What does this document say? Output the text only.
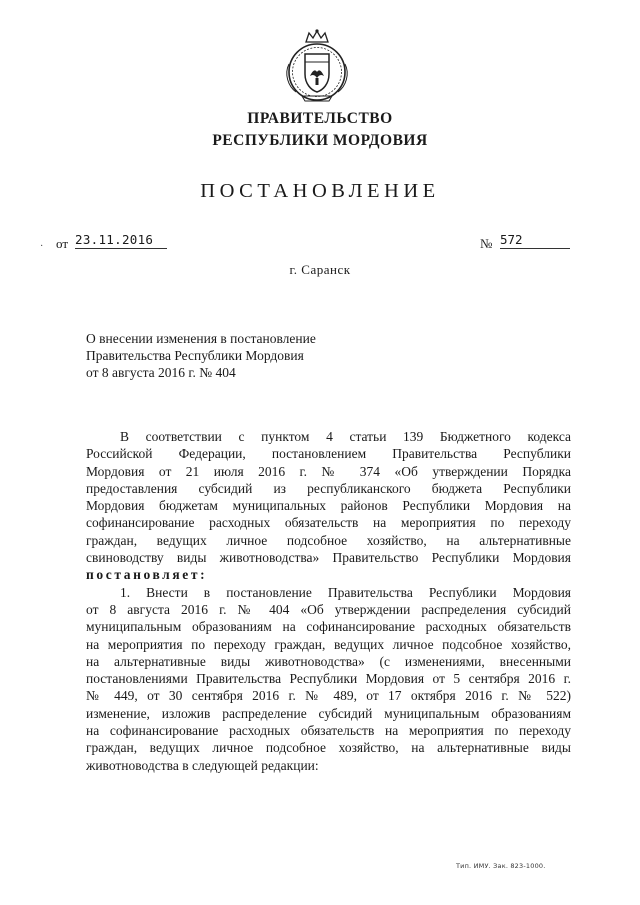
ПРАВИТЕЛЬСТВО
РЕСПУБЛИКИ МОРДОВИЯ
ПОСТАНОВЛЕНИЕ
· от 23.11.2016	№ 572
г. Саранск
О внесении изменения в постановление
Правительства Республики Мордовия
от 8 августа 2016 г. № 404
В соответствии с пунктом 4 статьи 139 Бюджетного кодекса
Российской Федерации, постановлением Правительства Республики
Мордовия от 21 июля 2016 г. № 374 «Об утверждении Порядка
предоставления субсидий из республиканского бюджета Республики
Мордовия бюджетам муниципальных районов Республики Мордовия на
софинансирование расходных обязательств на мероприятия по переходу
граждан, ведущих личное подсобное хозяйство, на альтернативные
свиноводству виды животноводства» Правительство Республики Мордовия
постановляет:
1. Внести в постановление Правительства Республики Мордовия
от 8 августа 2016 г. № 404 «Об утверждении распределения субсидий
муниципальным образованиям на софинансирование расходных обязательств
на мероприятия по переходу граждан, ведущих личное подсобное хозяйство,
на альтернативные виды животноводства» (с изменениями, внесенными
постановлениями Правительства Республики Мордовия от 5 сентября 2016 г.
№ 449, от 30 сентября 2016 г. № 489, от 17 октября 2016 г. № 522)
изменение, изложив распределение субсидий муниципальным образованиям
на софинансирование расходных обязательств на мероприятия по переходу
граждан, ведущих личное подсобное хозяйство, на альтернативные виды
животноводства в следующей редакции:
Тип. ИМУ. Зак. 823-1000.
